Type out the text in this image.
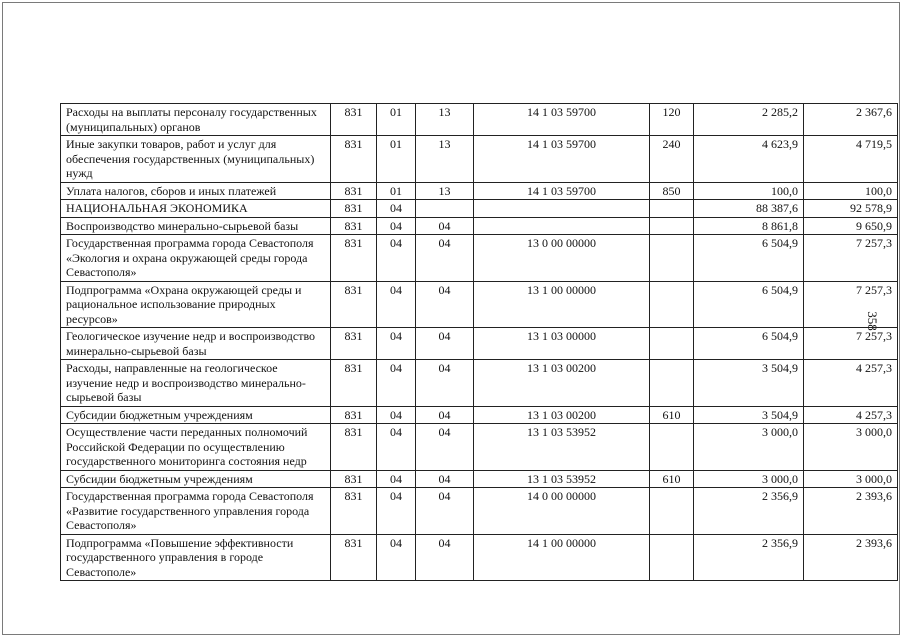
358
Расходы на выплаты персоналу государственных (муниципальных) органов	831	01	13	14 1 03 59700	120	2 285,2	2 367,6
Иные закупки товаров, работ и услуг для обеспечения государственных (муниципальных) нужд	831	01	13	14 1 03 59700	240	4 623,9	4 719,5
Уплата налогов, сборов и иных платежей	831	01	13	14 1 03 59700	850	100,0	100,0
НАЦИОНАЛЬНАЯ ЭКОНОМИКА	831	04				88 387,6	92 578,9
Воспроизводство минерально-сырьевой базы	831	04	04			8 861,8	9 650,9
Государственная программа города Севастополя «Экология и охрана окружающей среды города Севастополя»	831	04	04	13 0 00 00000		6 504,9	7 257,3
Подпрограмма «Охрана окружающей среды и рациональное использование природных ресурсов»	831	04	04	13 1 00 00000		6 504,9	7 257,3
Геологическое изучение недр и воспроизводство минерально-сырьевой базы	831	04	04	13 1 03 00000		6 504,9	7 257,3
Расходы, направленные на геологическое изучение недр и воспроизводство минерально-сырьевой базы	831	04	04	13 1 03 00200		3 504,9	4 257,3
Субсидии бюджетным учреждениям	831	04	04	13 1 03 00200	610	3 504,9	4 257,3
Осуществление части переданных полномочий Российской Федерации по осуществлению государственного мониторинга состояния недр	831	04	04	13 1 03 53952		3 000,0	3 000,0
Субсидии бюджетным учреждениям	831	04	04	13 1 03 53952	610	3 000,0	3 000,0
Государственная программа города Севастополя «Развитие государственного управления города Севастополя»	831	04	04	14 0 00 00000		2 356,9	2 393,6
Подпрограмма «Повышение эффективности государственного управления в городе Севастополе»	831	04	04	14 1 00 00000		2 356,9	2 393,6
